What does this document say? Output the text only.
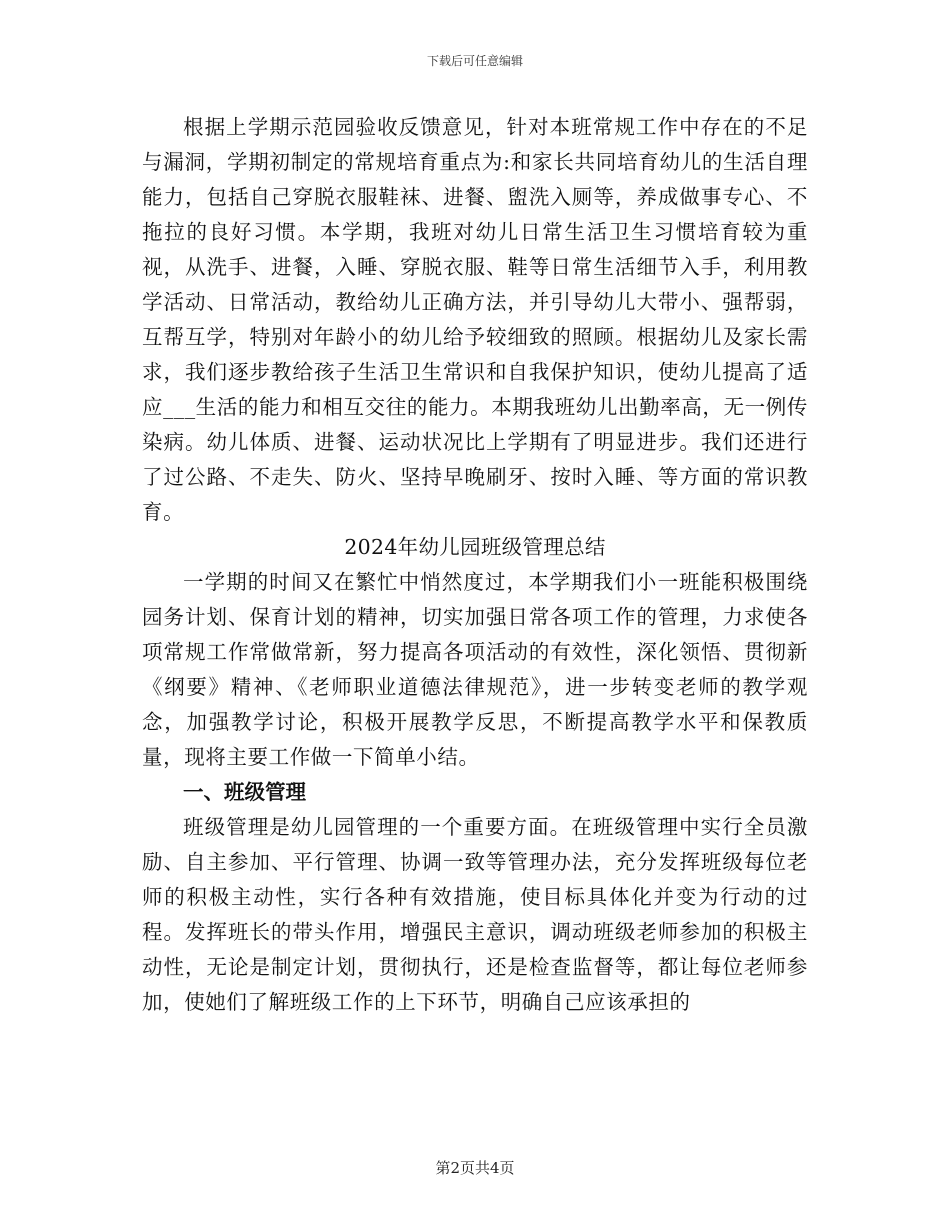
下载后可任意编辑

根据上学期示范园验收反馈意见，针对本班常规工作中存在的不足与漏洞，学期初制定的常规培育重点为:和家长共同培育幼儿的生活自理能力，包括自己穿脱衣服鞋袜、进餐、盥洗入厕等，养成做事专心、不拖拉的良好习惯。本学期，我班对幼儿日常生活卫生习惯培育较为重视，从洗手、进餐，入睡、穿脱衣服、鞋等日常生活细节入手，利用教学活动、日常活动，教给幼儿正确方法，并引导幼儿大带小、强帮弱，互帮互学，特别对年龄小的幼儿给予较细致的照顾。根据幼儿及家长需求，我们逐步教给孩子生活卫生常识和自我保护知识，使幼儿提高了适应___生活的能力和相互交往的能力。本期我班幼儿出勤率高，无一例传染病。幼儿体质、进餐、运动状况比上学期有了明显进步。我们还进行了过公路、不走失、防火、坚持早晚刷牙、按时入睡、等方面的常识教育。

2024年幼儿园班级管理总结

一学期的时间又在繁忙中悄然度过，本学期我们小一班能积极围绕园务计划、保育计划的精神，切实加强日常各项工作的管理，力求使各项常规工作常做常新，努力提高各项活动的有效性，深化领悟、贯彻新《纲要》精神、《老师职业道德法律规范》，进一步转变老师的教学观念，加强教学讨论，积极开展教学反思，不断提高教学水平和保教质量，现将主要工作做一下简单小结。

一、班级管理

班级管理是幼儿园管理的一个重要方面。在班级管理中实行全员激励、自主参加、平行管理、协调一致等管理办法，充分发挥班级每位老师的积极主动性，实行各种有效措施，使目标具体化并变为行动的过程。发挥班长的带头作用，增强民主意识，调动班级老师参加的积极主动性，无论是制定计划，贯彻执行，还是检查监督等，都让每位老师参加，使她们了解班级工作的上下环节，明确自己应该承担的

第2页共4页
